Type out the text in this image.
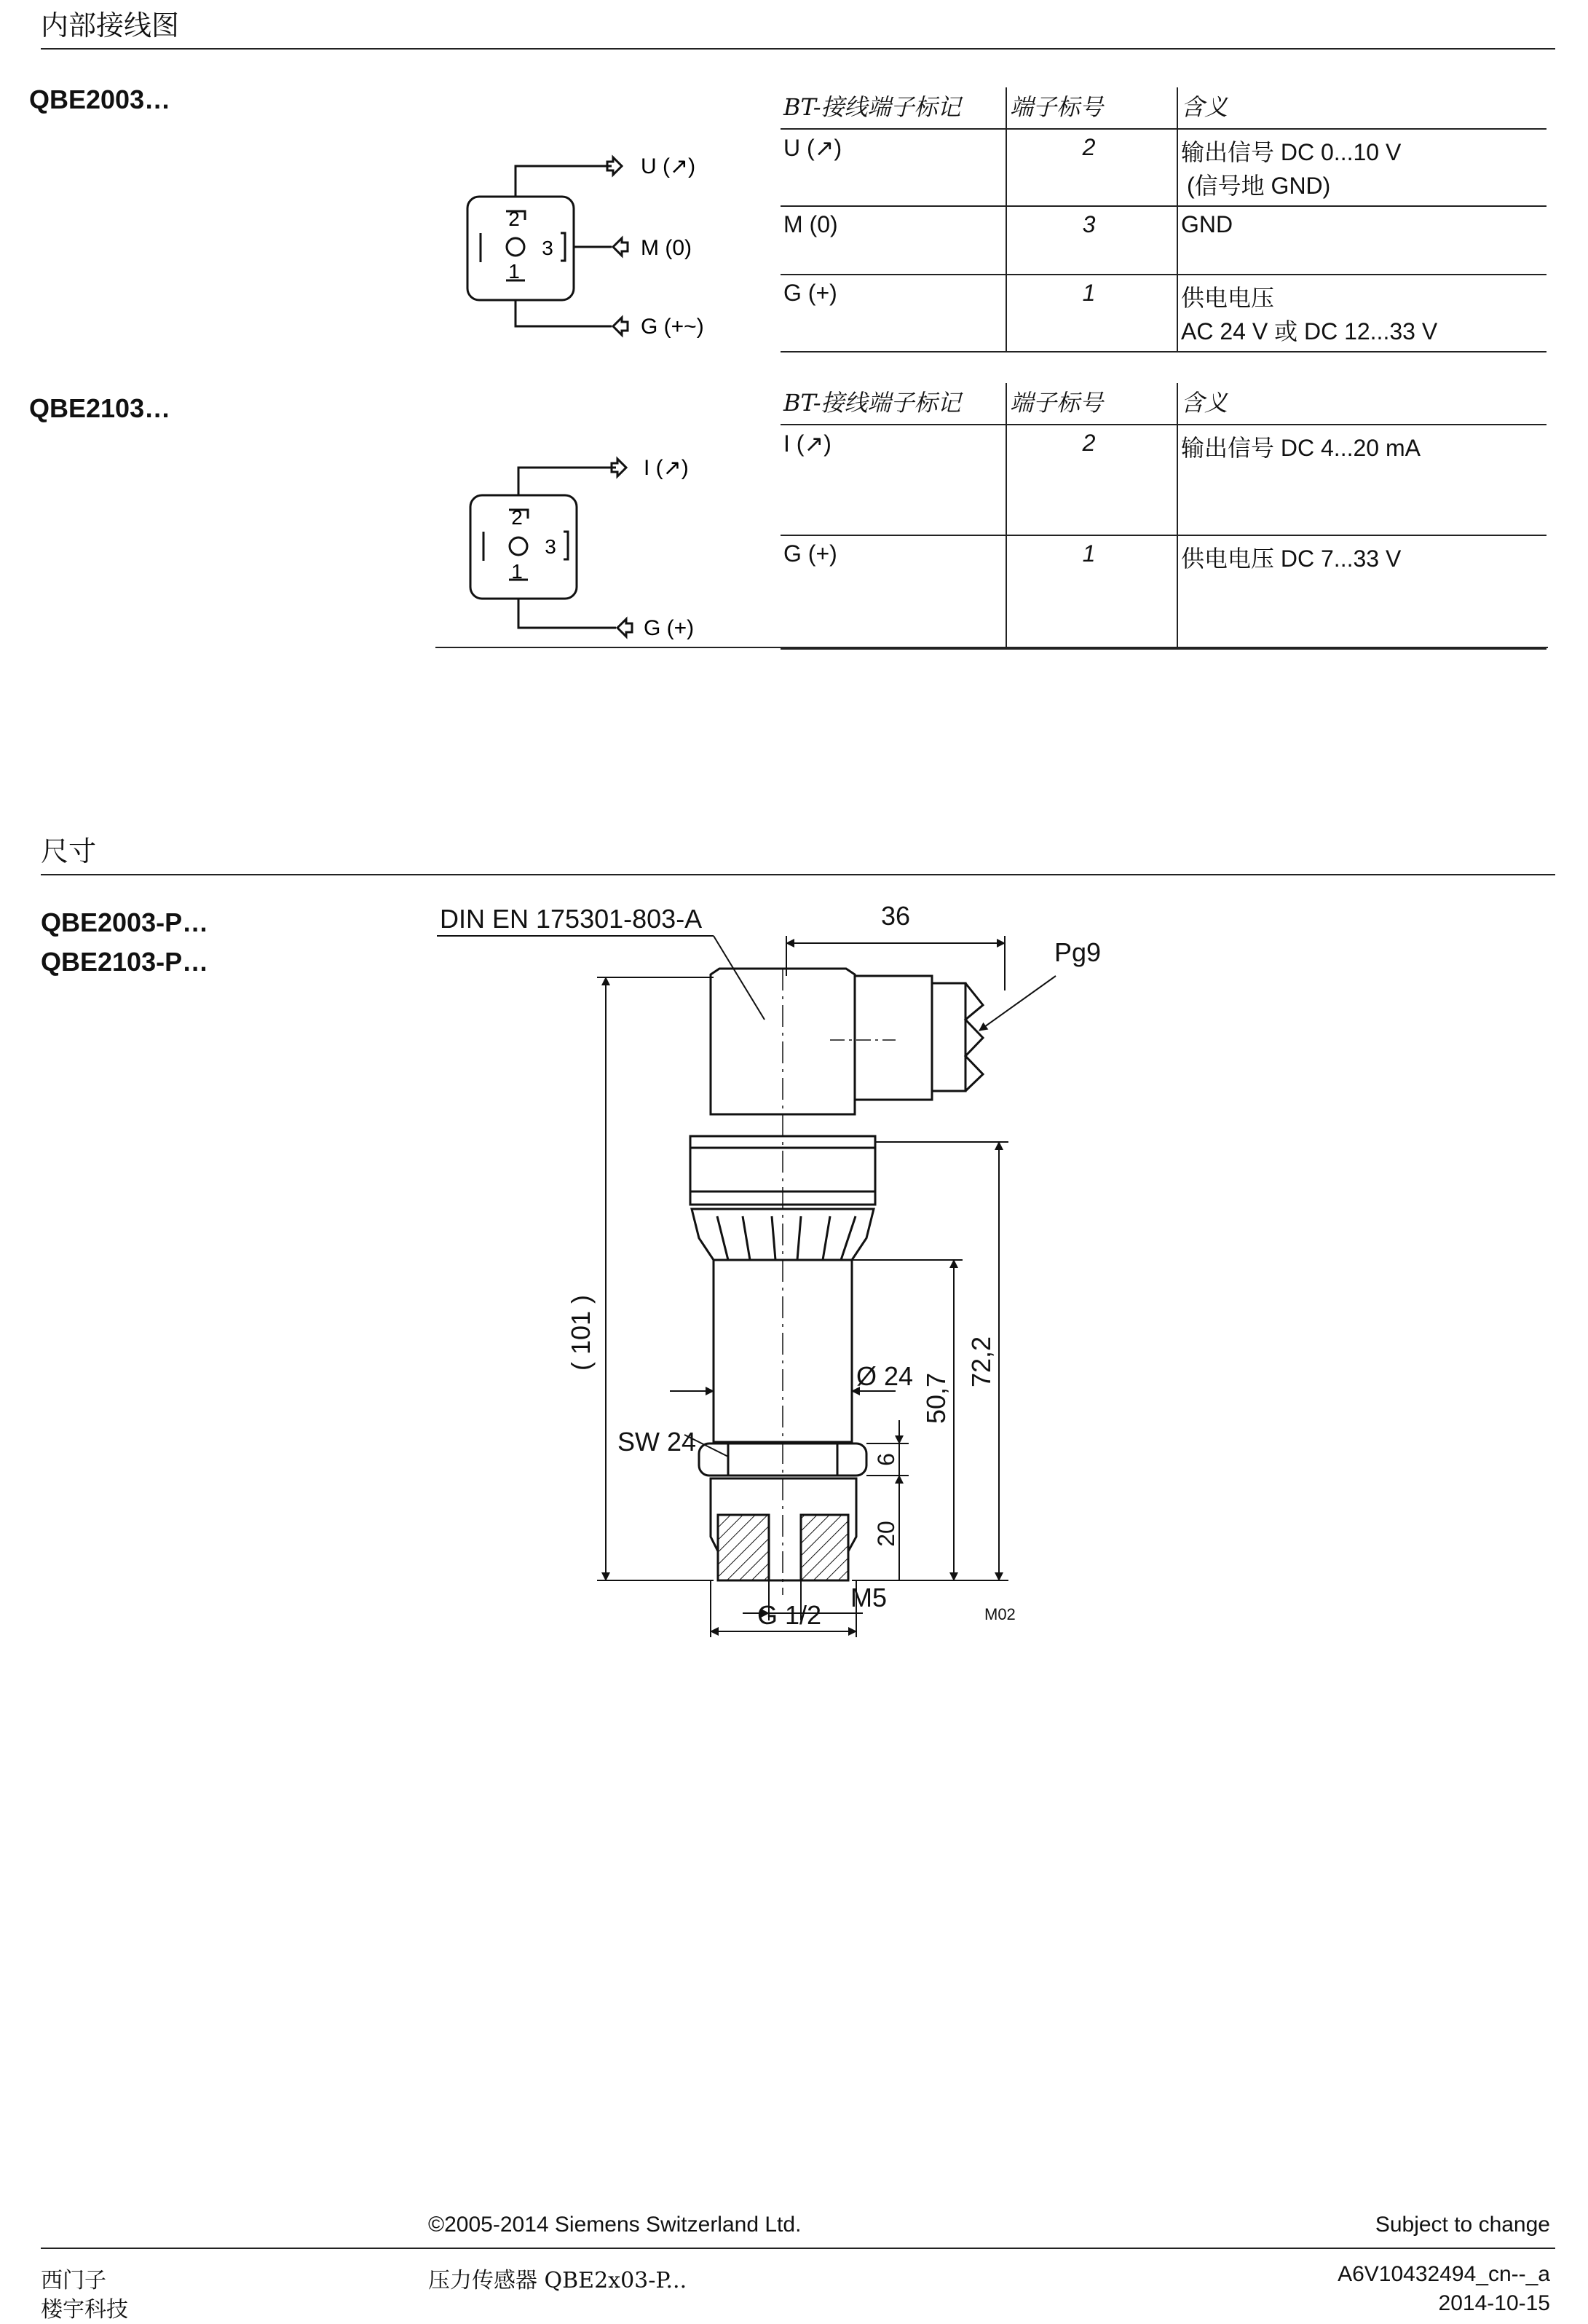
内部接线图
QBE2003…
2
3
1
U (↗)
M (0)
G (+~)
BT-接线端子标记	端子标号	含义
U (↗)	2	输出信号 DC 0...10 V
(信号地 GND)

M (0)	3	GND
G (+)	1	供电电压
AC 24 V 或 DC 12...33 V
QBE2103…
2
3
1
I (↗)
G (+)
BT-接线端子标记	端子标号	含义
I (↗)	2	输出信号 DC 4...20 mA
G (+)	1	供电电压 DC 7...33 V
尺寸
QBE2003-P…
QBE2103-P…
DIN EN 175301-803-A	36
Pg9
( 101 )	72,2
50,7
6
20
Ø 24
SW 24
M5
G 1/2	M02
©2005-2014 Siemens Switzerland Ltd.	Subject to change
西门子
楼宇科技
压力传感器 QBE2x03-P...	A6V10432494_cn--_a
2014-10-15
